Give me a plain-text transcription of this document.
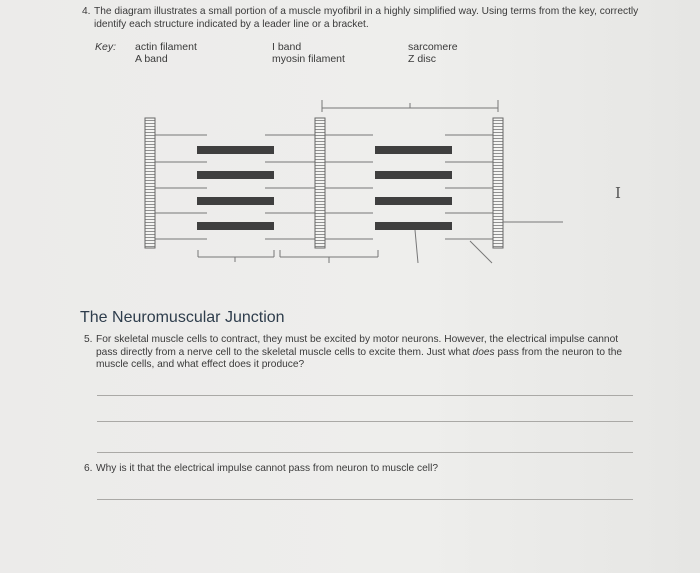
4. The diagram illustrates a small portion of a muscle myofibril in a highly simplified way. Using terms from the key, correctly identify each structure indicated by a leader line or a bracket.
Key: actin filament
A band
I band
myosin filament
sarcomere
Z disc
I
The Neuromuscular Junction
5. For skeletal muscle cells to contract, they must be excited by motor neurons. However, the electrical impulse cannot pass directly from a nerve cell to the skeletal muscle cells to excite them. Just what does pass from the neuron to the muscle cells, and what effect does it produce?
6. Why is it that the electrical impulse cannot pass from neuron to muscle cell?
